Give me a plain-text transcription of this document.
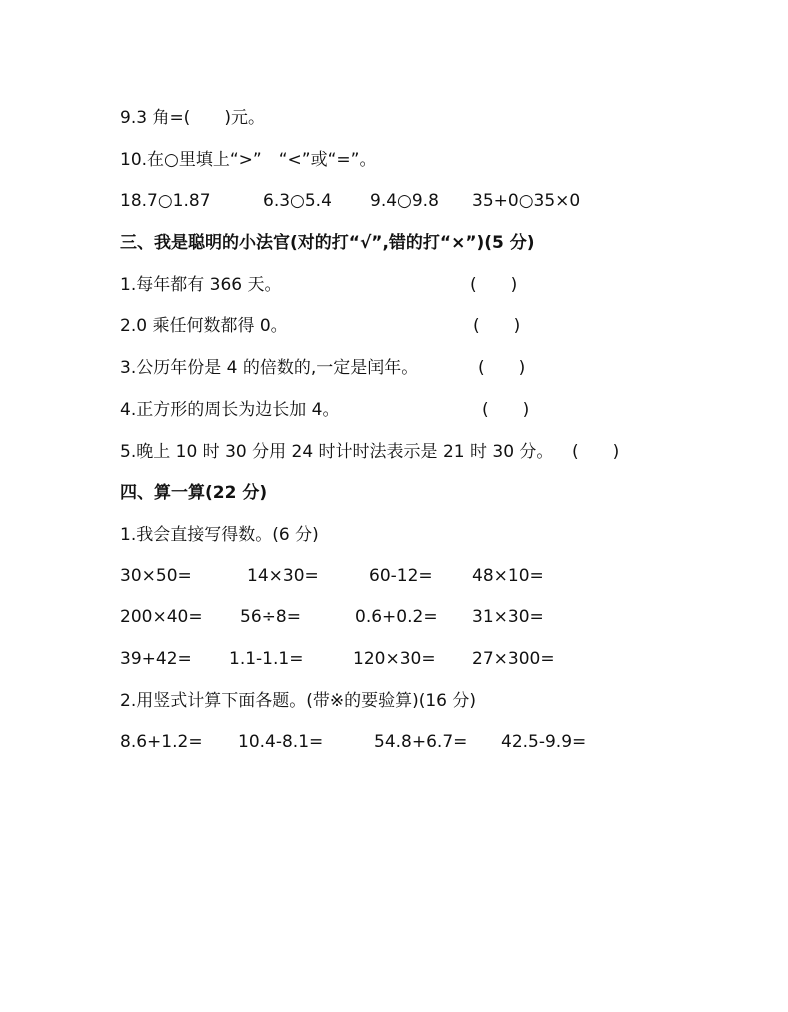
9.3 角=(　　)元。
10.在○里填上“>”　“<”或“=”。
18.7○1.87	6.3○5.4 9.4○9.8 35+0○35×0
三、我是聪明的小法官(对的打“√”,错的打“×”)(5 分)
1.每年都有 366 天。	(　　)
2.0 乘任何数都得 0。	(　　)
3.公历年份是 4 的倍数的,一定是闰年。	(　　)
4.正方形的周长为边长加 4。	(　　)
5.晚上 10 时 30 分用 24 时计时法表示是 21 时 30 分。 (　　)
四、算一算(22 分)
1.我会直接写得数。(6 分)
30×50=	14×30=	60-12= 48×10=
200×40= 56÷8=	0.6+0.2= 31×30=
39+42= 1.1-1.1=	120×30= 27×300=
2.用竖式计算下面各题。(带※的要验算)(16 分)
8.6+1.2= 10.4-8.1=	54.8+6.7= 42.5-9.9=
